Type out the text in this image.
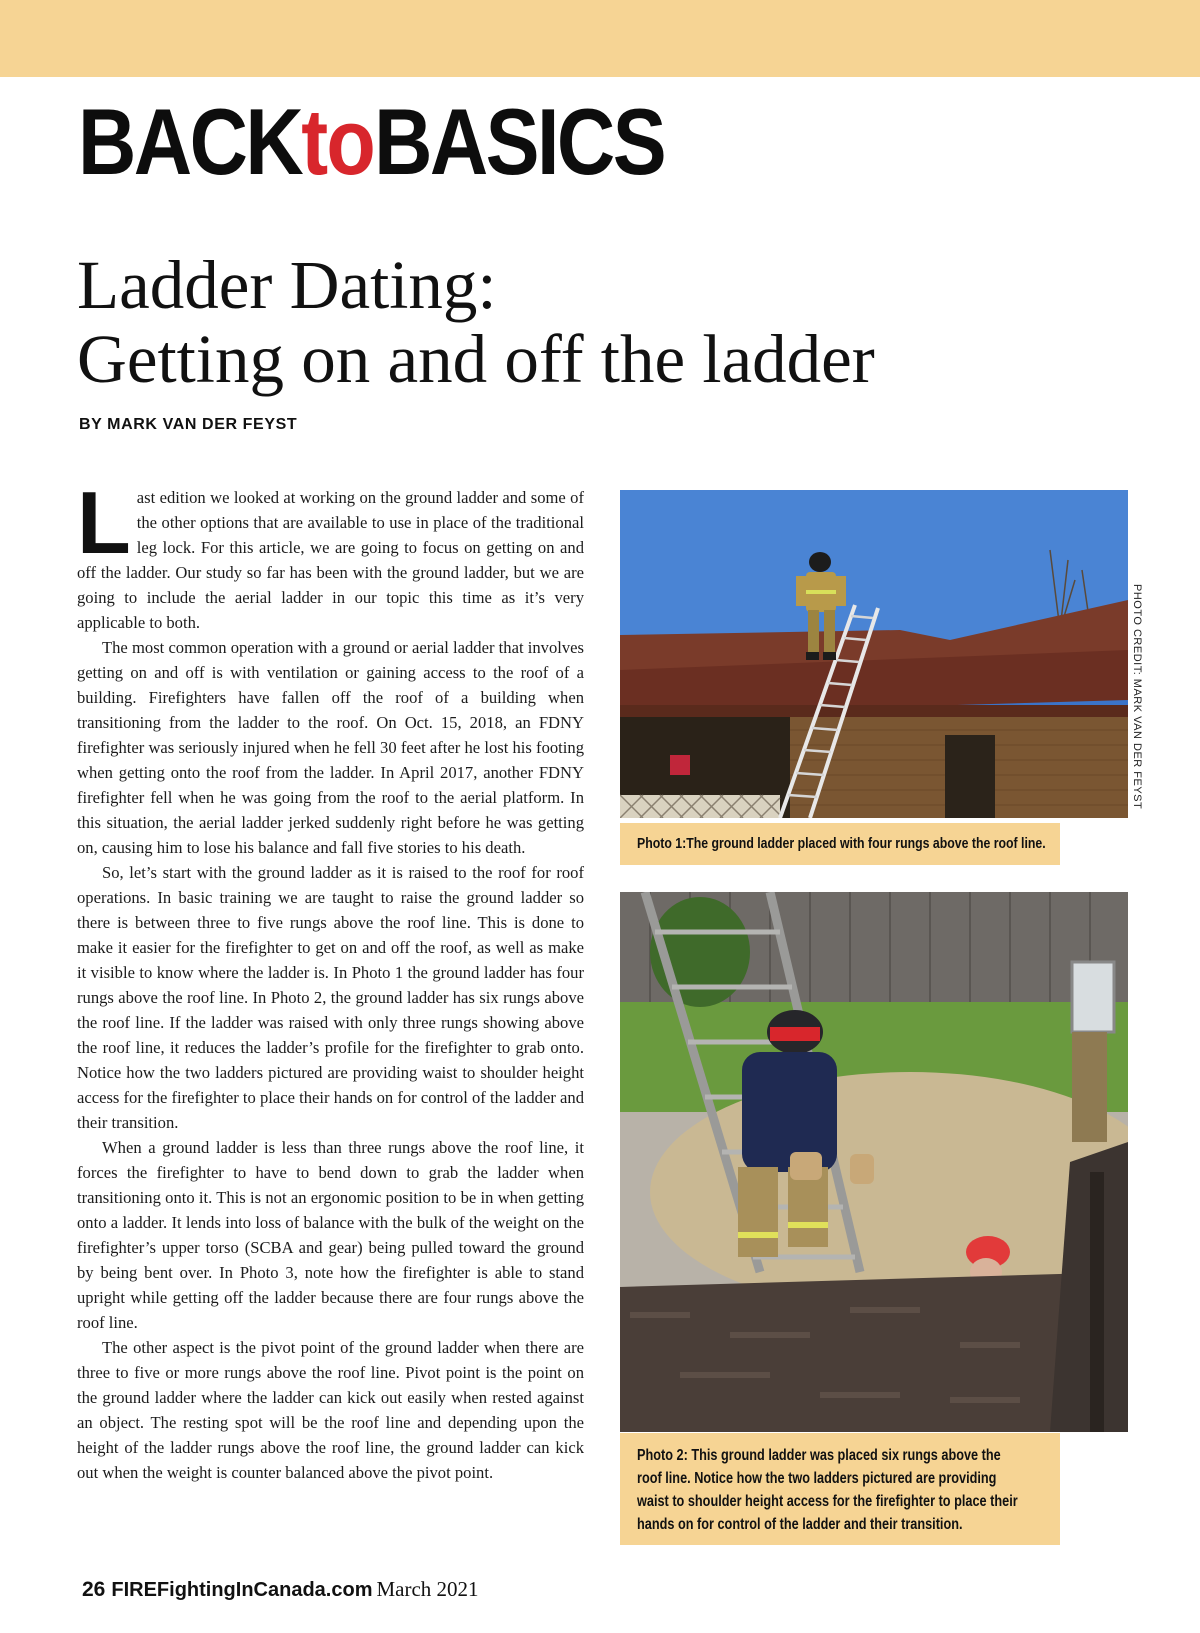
BACKtoBASICS
Ladder Dating:
Getting on and off the ladder
BY MARK VAN DER FEYST

Last edition we looked at working on the ground ladder and some of the other options that are available to use in place of the traditional leg lock. For this article, we are going to focus on getting on and off the ladder. Our study so far has been with the ground ladder, but we are going to include the aerial ladder in our topic this time as it’s very applicable to both.

The most common operation with a ground or aerial ladder that involves getting on and off is with ventilation or gaining access to the roof of a building. Firefighters have fallen off the roof of a building when transitioning from the ladder to the roof. On Oct. 15, 2018, an FDNY firefighter was seriously injured when he fell 30 feet after he lost his footing when getting onto the roof from the ladder. In April 2017, another FDNY firefighter fell when he was going from the roof to the aerial platform. In this situation, the aerial ladder jerked suddenly right before he was getting on, causing him to lose his balance and fall five stories to his death.

So, let’s start with the ground ladder as it is raised to the roof for roof operations. In basic training we are taught to raise the ground ladder so there is between three to five rungs above the roof line. This is done to make it easier for the firefighter to get on and off the roof, as well as make it visible to know where the ladder is. In Photo 1 the ground ladder has four rungs above the roof line. In Photo 2, the ground ladder has six rungs above the roof line. If the ladder was raised with only three rungs showing above the roof line, it reduces the ladder’s profile for the firefighter to grab onto. Notice how the two ladders pictured are providing waist to shoulder height access for the firefighter to place their hands on for control of the ladder and their transition.

When a ground ladder is less than three rungs above the roof line, it forces the firefighter to have to bend down to grab the ladder when transitioning onto it. This is not an ergonomic position to be in when getting onto a ladder. It lends into loss of balance with the bulk of the weight on the firefighter’s upper torso (SCBA and gear) being pulled toward the ground by being bent over. In Photo 3, note how the firefighter is able to stand upright while getting off the ladder because there are four rungs above the roof line.

The other aspect is the pivot point of the ground ladder when there are three to five or more rungs above the roof line. Pivot point is the point on the ground ladder where the ladder can kick out easily when rested against an object. The resting spot will be the roof line and depending upon the height of the ladder rungs above the roof line, the ground ladder can kick out when the weight is counter balanced above the pivot point.

PHOTO CREDIT: MARK VAN DER FEYST
Photo 1:The ground ladder placed with four rungs above the roof line.
Photo 2: This ground ladder was placed six rungs above the roof line. Notice how the two ladders pictured are providing waist to shoulder height access for the firefighter to place their hands on for control of the ladder and their transition.
26 FIREFightingInCanada.com March 2021
